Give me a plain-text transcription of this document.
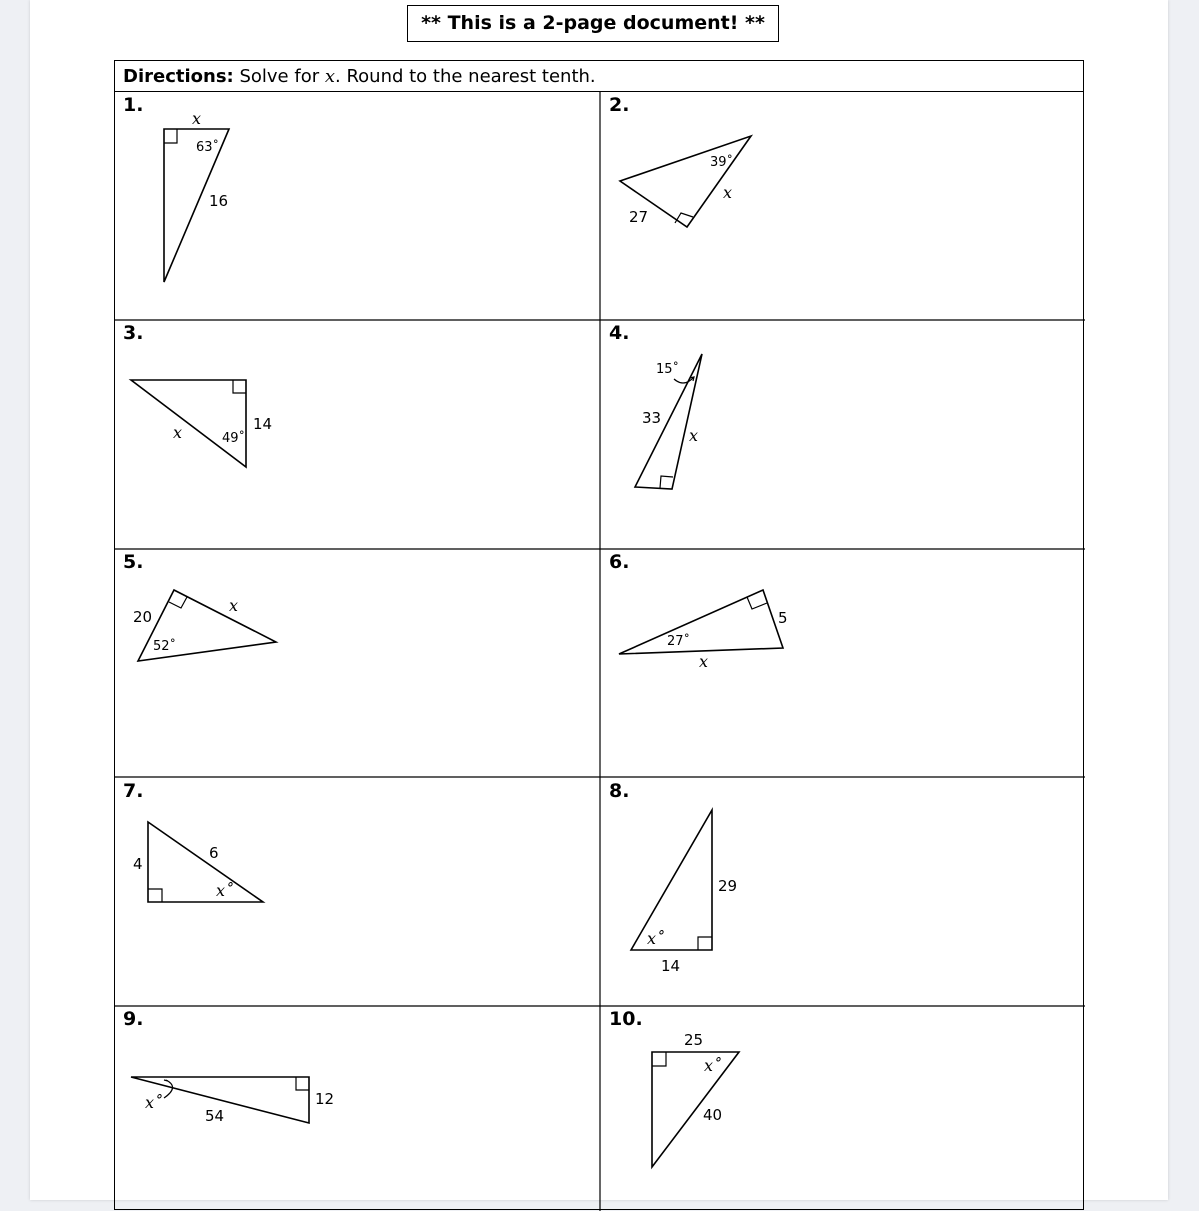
** This is a 2-page document! **
Directions: Solve for x. Round to the nearest tenth.
1.	2.
3.	4.
5.	6.
7.	8.
9.	10.
x
63˚
16
39˚
x
27
x	49˚
14
15˚
33
x
20
52˚
x
5
27˚
x
4
6
x˚	29
x˚
14
x˚
54
12
25
x˚
40
